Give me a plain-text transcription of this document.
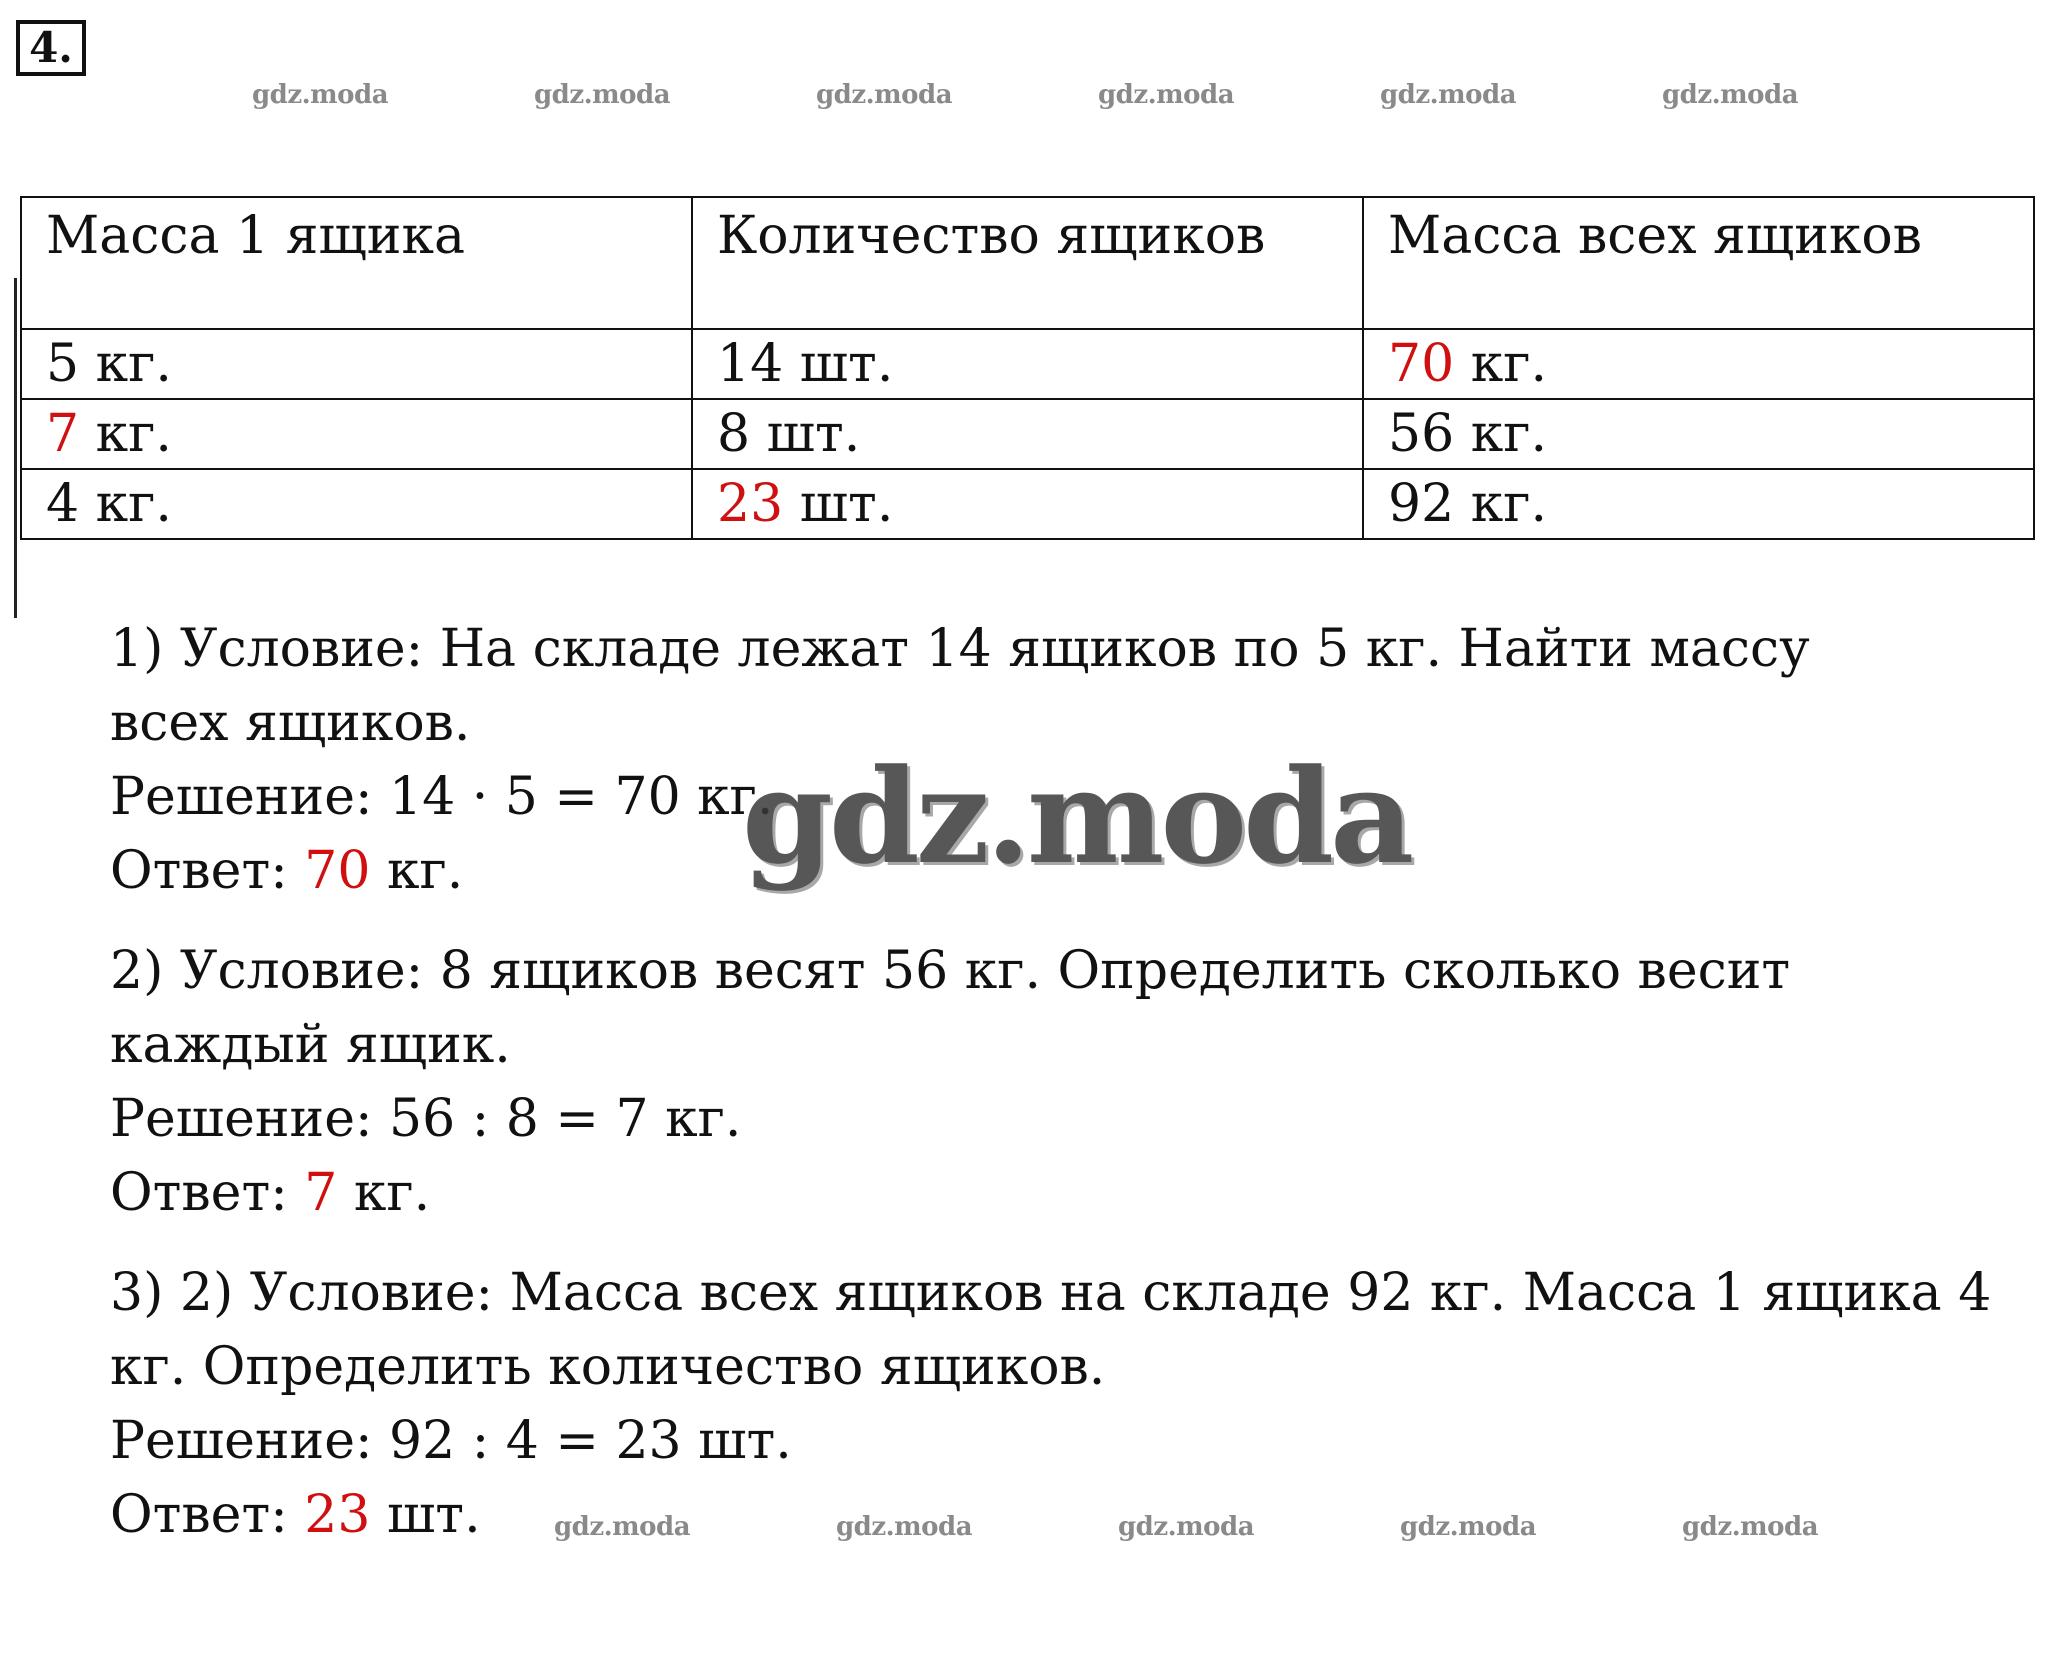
4.
gdz.moda	gdz.moda	gdz.moda	gdz.moda	gdz.moda	gdz.moda
Масса 1 ящика	Количество ящиков	Масса всех ящиков
5 кг.	14 шт.	70 кг.
7 кг.	8 шт.	56 кг.
4 кг.	23 шт.	92 кг.
1) Условие: На складе лежат 14 ящиков по 5 кг. Найти массу всех ящиков.
Решение: 14 · 5 = 70 кг.
Ответ: 70 кг.
2) Условие: 8 ящиков весят 56 кг. Определить сколько весит каждый ящик.
Решение: 56 : 8 = 7 кг.
Ответ: 7 кг.
3) 2) Условие: Масса всех ящиков на складе 92 кг. Масса 1 ящика 4 кг. Определить количество ящиков.
Решение: 92 : 4 = 23 шт.
Ответ: 23 шт.
gdz.moda
gdz.moda	gdz.moda	gdz.moda	gdz.moda	gdz.moda
